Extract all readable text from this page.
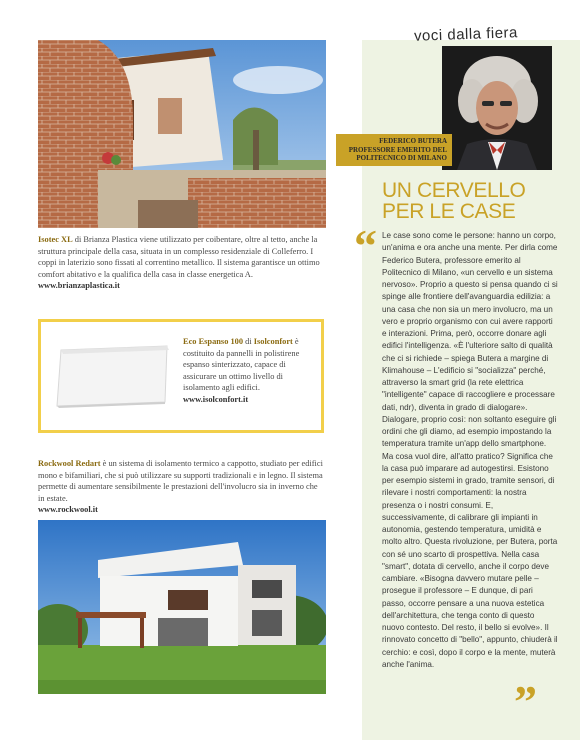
voci dalla fiera
FEDERICO BUTERA
PROFESSORE EMERITO DEL
POLITECNICO DI MILANO
UN CERVELLO
PER LE CASE
“ Le case sono come le persone: hanno un corpo, un'anima e ora anche una mente. Per dirla come Federico Butera, professore emerito al Politecnico di Milano, «un cervello e un sistema nervoso». Proprio a questo si pensa quando ci si spinge alle frontiere dell'avanguardia edilizia: a una casa che non sia un mero involucro, ma un vero e proprio organismo con cui avere rapporti e interazioni. Prima, però, occorre donare agli edifici l'intelligenza. «È l'ulteriore salto di qualità che ci si richiede – spiega Butera a margine di Klimahouse – L'edificio si "socializza" perché, attraverso la smart grid (la rete elettrica "intelligente" capace di raccogliere e processare dati, ndr), diventa in grado di dialogare». Dialogare, proprio così: non soltanto eseguire gli ordini che gli diamo, ad esempio impostando la temperatura tramite un'app dello smartphone. Ma cosa vuol dire, all'atto pratico? Significa che la casa può imparare ad autogestirsi. Esistono per esempio sistemi in grado, tramite sensori, di rilevare i nostri comportamenti: la nostra presenza o i nostri consumi. E, successivamente, di calibrare gli impianti in autonomia, gestendo temperatura, umidità e molto altro. Questa rivoluzione, per Butera, porta con sé uno scarto di prospettiva. Nella casa "smart", dotata di cervello, anche il corpo deve cambiare. «Bisogna davvero mutare pelle – prosegue il professore – E dunque, di pari passo, occorre pensare a una nuova estetica dell'architettura, che tenga conto di questo nuovo contesto. Del resto, il bello si evolve». Il rinnovato concetto di "bello", appunto, chiuderà il cerchio: e così, dopo il corpo e la mente, muterà anche l'anima.
”
Isotec XL di Brianza Plastica viene utilizzato per coibentare, oltre al tetto, anche la struttura principale della casa, situata in un complesso residenziale di Colleferro. I coppi in laterizio sono fissati al correntino metallico. Il sistema garantisce un ottimo comfort abitativo e la qualifica della casa in classe energetica A.
www.brianzaplastica.it
Eco Espanso 100 di Isolconfort è costituito da pannelli in polistirene espanso sinterizzato, capace di assicurare un ottimo livello di isolamento agli edifici.
www.isolconfort.it
Rockwool Redart è un sistema di isolamento termico a cappotto, studiato per edifici mono e bifamiliari, che si può utilizzare su supporti tradizionali e in legno. Il sistema permette di aumentare sensibilmente le prestazioni dell'involucro sia in inverno che in estate.
www.rockwool.it
